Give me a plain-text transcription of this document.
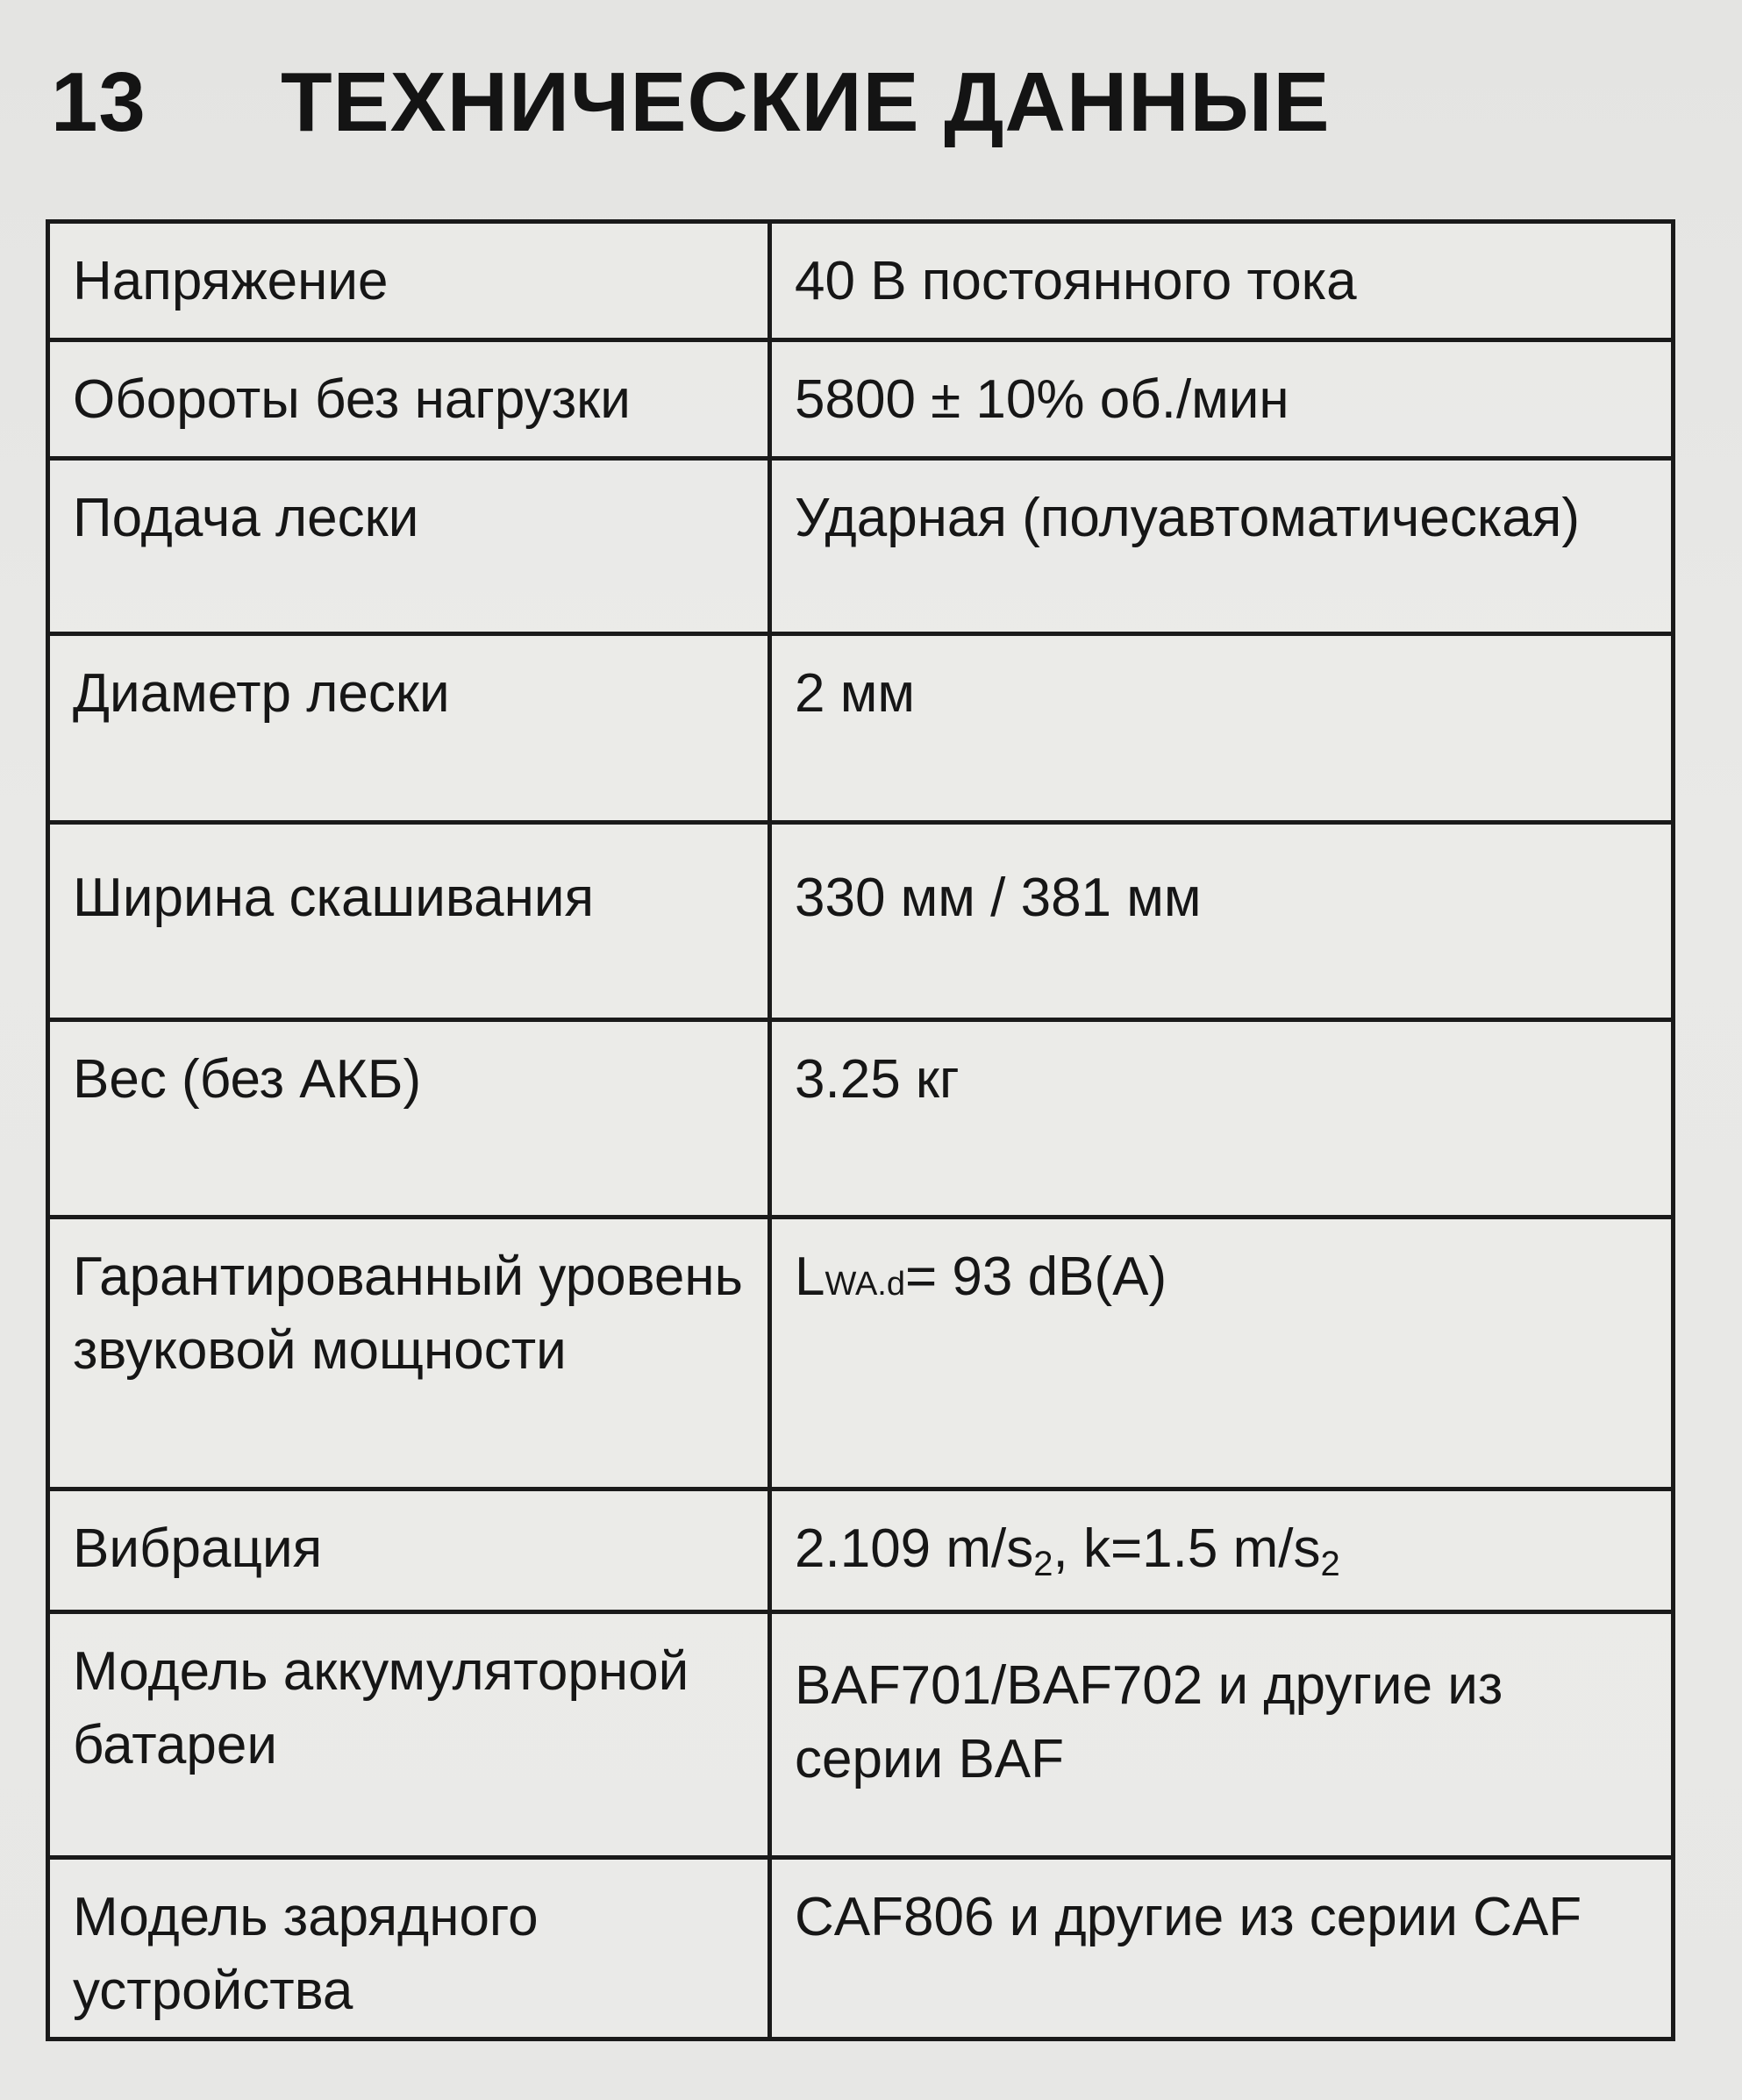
13	ТЕХНИЧЕСКИЕ ДАННЫЕ
Напряжение	40 В постоянного тока
Обороты без нагрузки	5800 ± 10% об./мин
Подача лески	Ударная (полуавтоматическая)
Диаметр лески	2 мм
Ширина скашивания	330 мм / 381 мм
Вес (без АКБ)	3.25 кг
Гарантированный уровень звуковой мощности	LWA.d= 93 dB(A)
Вибрация	2.109 m/s2, k=1.5 m/s2
Модель аккумуляторной батареи	BAF701/BAF702 и другие из серии BAF
Модель зарядного устройства	CAF806 и другие из серии CAF
